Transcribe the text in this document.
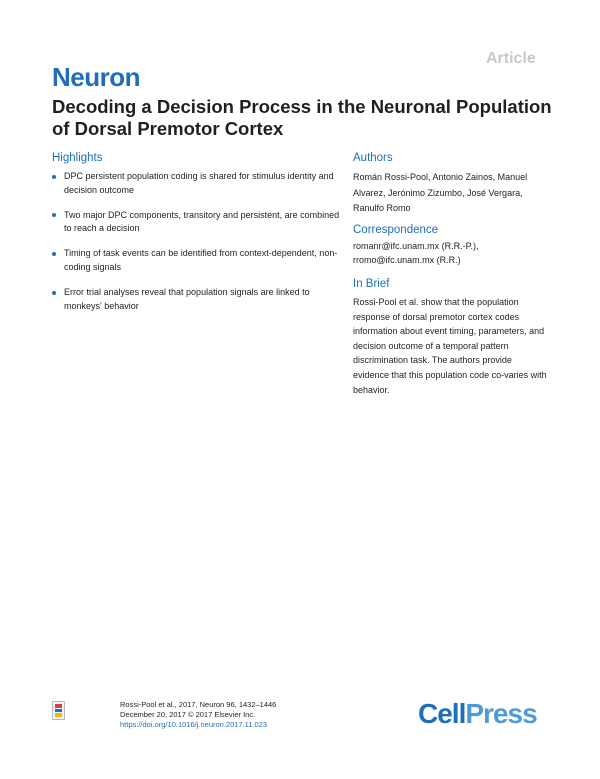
Article
Neuron
Decoding a Decision Process in the Neuronal Population of Dorsal Premotor Cortex
Highlights
DPC persistent population coding is shared for stimulus identity and decision outcome
Two major DPC components, transitory and persistent, are combined to reach a decision
Timing of task events can be identified from context-dependent, non-coding signals
Error trial analyses reveal that population signals are linked to monkeys' behavior
Authors
Román Rossi-Pool, Antonio Zainos, Manuel Alvarez, Jerónimo Zizumbo, José Vergara, Ranulfo Romo
Correspondence
romanr@ifc.unam.mx (R.R.-P.),
rromo@ifc.unam.mx (R.R.)
In Brief
Rossi-Pool et al. show that the population response of dorsal premotor cortex codes information about event timing, parameters, and decision outcome of a temporal pattern discrimination task. The authors provide evidence that this population code co-varies with behavior.
Rossi-Pool et al., 2017, Neuron 96, 1432–1446
December 20, 2017 © 2017 Elsevier Inc.
https://doi.org/10.1016/j.neuron.2017.11.023	CellPress
